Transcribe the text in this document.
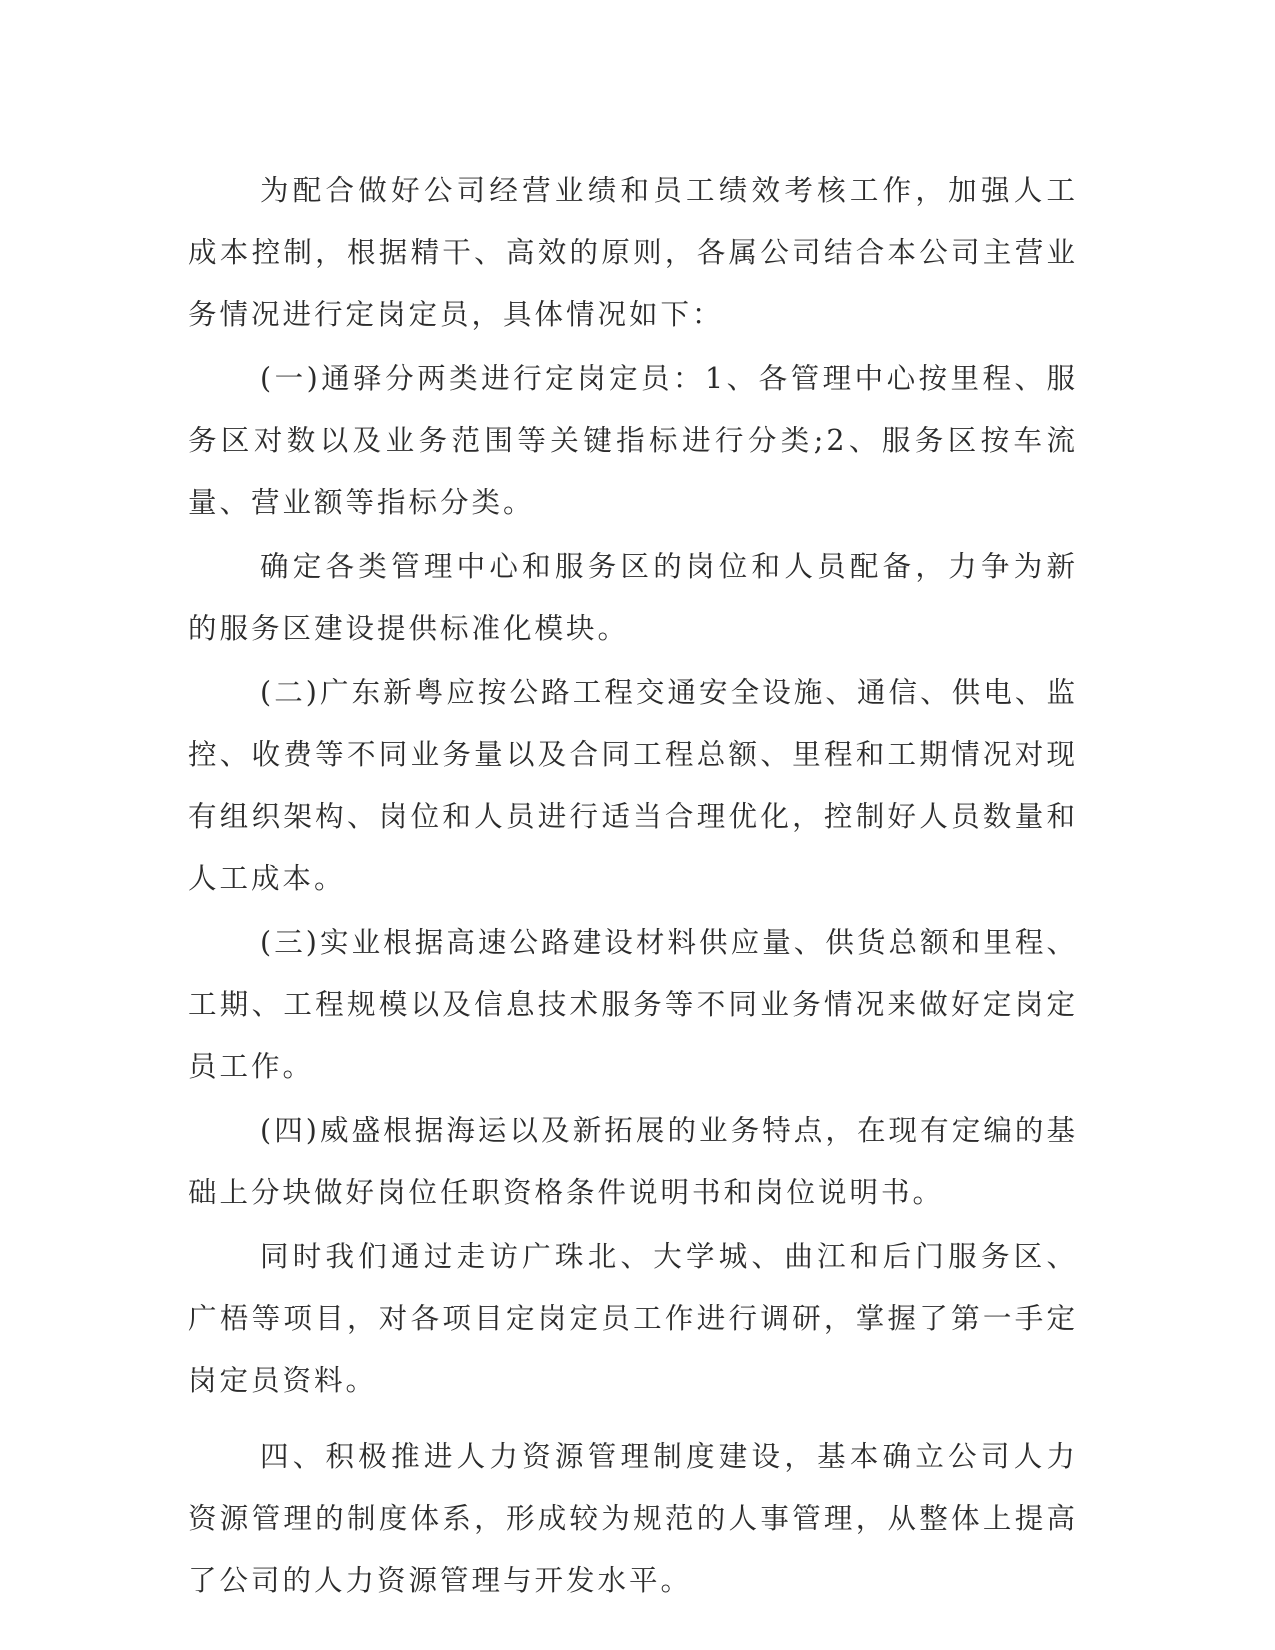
为配合做好公司经营业绩和员工绩效考核工作，加强人工成本控制，根据精干、高效的原则，各属公司结合本公司主营业务情况进行定岗定员，具体情况如下：

(一)通驿分两类进行定岗定员：1、各管理中心按里程、服务区对数以及业务范围等关键指标进行分类;2、服务区按车流量、营业额等指标分类。

确定各类管理中心和服务区的岗位和人员配备，力争为新的服务区建设提供标准化模块。

(二)广东新粤应按公路工程交通安全设施、通信、供电、监控、收费等不同业务量以及合同工程总额、里程和工期情况对现有组织架构、岗位和人员进行适当合理优化，控制好人员数量和人工成本。

(三)实业根据高速公路建设材料供应量、供货总额和里程、工期、工程规模以及信息技术服务等不同业务情况来做好定岗定员工作。

(四)威盛根据海运以及新拓展的业务特点，在现有定编的基础上分块做好岗位任职资格条件说明书和岗位说明书。

同时我们通过走访广珠北、大学城、曲江和后门服务区、广梧等项目，对各项目定岗定员工作进行调研，掌握了第一手定岗定员资料。

四、积极推进人力资源管理制度建设，基本确立公司人力资源管理的制度体系，形成较为规范的人事管理，从整体上提高了公司的人力资源管理与开发水平。
